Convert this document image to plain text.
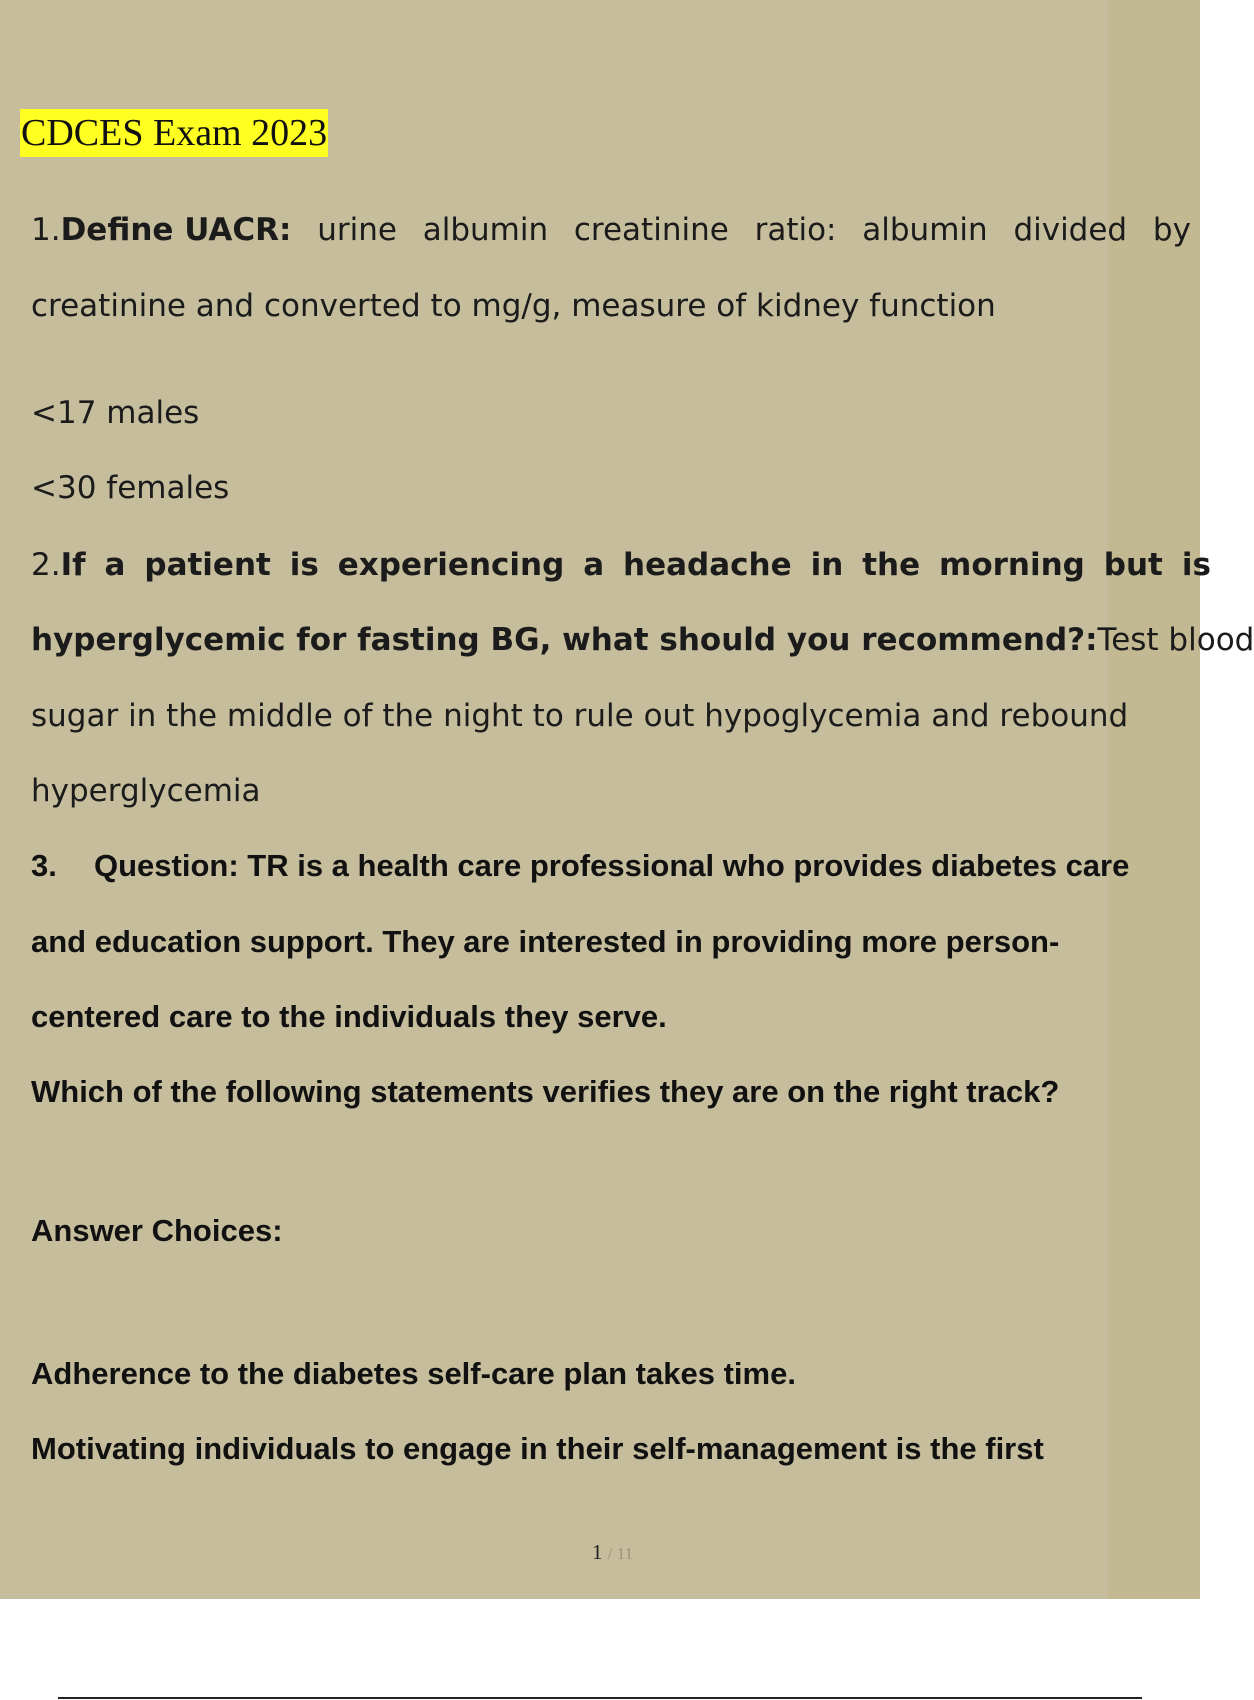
CDCES Exam 2023
1.Define UACR: urine albumin creatinine ratio: albumin divided by
creatinine and converted to mg/g, measure of kidney function
<17 males
<30 females
2.If a patient is experiencing a headache in the morning but is
hyperglycemic for fasting BG, what should you recommend?: Test blood
sugar in the middle of the night to rule out hypoglycemia and rebound
hyperglycemia
3. Question: TR is a health care professional who provides diabetes care
and education support. They are interested in providing more person-
centered care to the individuals they serve.
Which of the following statements verifies they are on the right track?
Answer Choices:
Adherence to the diabetes self-care plan takes time.
Motivating individuals to engage in their self-management is the first
1 / 11
